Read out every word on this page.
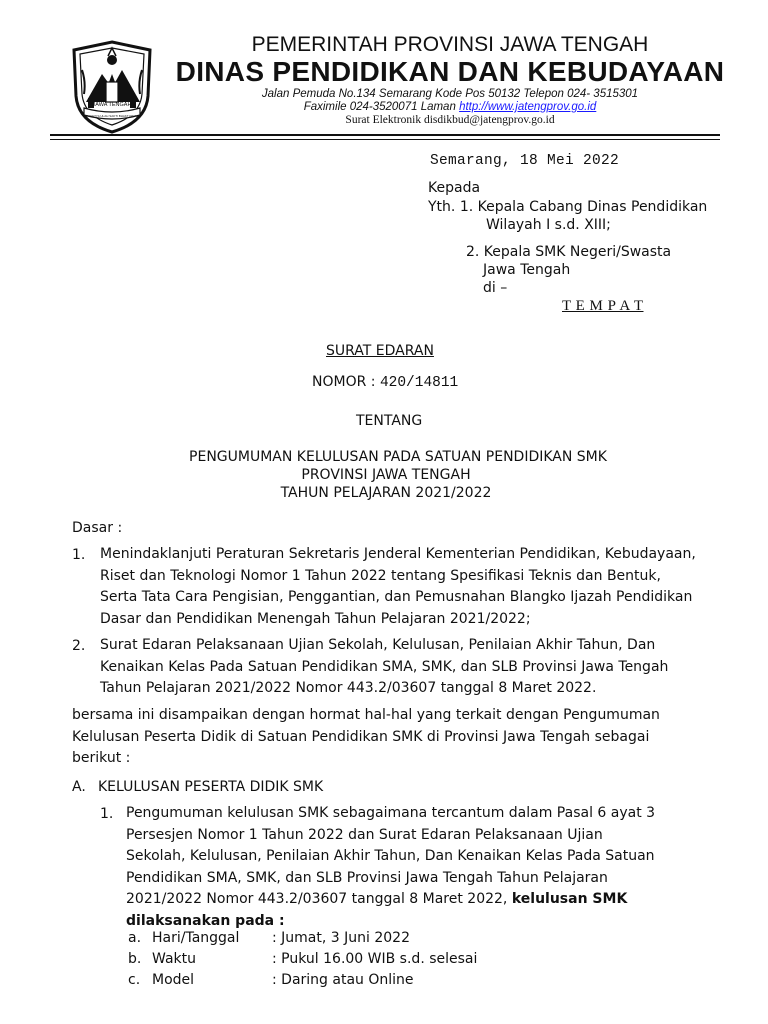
JAWA TENGAH
PRASETYA ULAH SAKTI BHAKTI PRAJA
PEMERINTAH PROVINSI JAWA TENGAH
DINAS PENDIDIKAN DAN KEBUDAYAAN
Jalan Pemuda No.134 Semarang Kode Pos 50132 Telepon 024- 3515301
Faximile 024-3520071 Laman http://www.jatengprov.go.id
Surat Elektronik disdikbud@jatengprov.go.id
Semarang, 18 Mei 2022
Kepada
Yth. 1. Kepala Cabang Dinas Pendidikan
Wilayah I s.d. XIII;
2. Kepala SMK Negeri/Swasta
Jawa Tengah
di –
T E M P A T
SURAT EDARAN
NOMOR : 420/14811
TENTANG
PENGUMUMAN KELULUSAN PADA SATUAN PENDIDIKAN SMK
PROVINSI JAWA TENGAH
TAHUN PELAJARAN 2021/2022
Dasar :
1. Menindaklanjuti Peraturan Sekretaris Jenderal Kementerian Pendidikan, Kebudayaan,
Riset dan Teknologi Nomor 1 Tahun 2022 tentang Spesifikasi Teknis dan Bentuk,
Serta Tata Cara Pengisian, Penggantian, dan Pemusnahan Blangko Ijazah Pendidikan
Dasar dan Pendidikan Menengah Tahun Pelajaran 2021/2022;
2. Surat Edaran Pelaksanaan Ujian Sekolah, Kelulusan, Penilaian Akhir Tahun, Dan
Kenaikan Kelas Pada Satuan Pendidikan SMA, SMK, dan SLB Provinsi Jawa Tengah
Tahun Pelajaran 2021/2022 Nomor 443.2/03607 tanggal 8 Maret 2022.
bersama ini disampaikan dengan hormat hal-hal yang terkait dengan Pengumuman
Kelulusan Peserta Didik di Satuan Pendidikan SMK di Provinsi Jawa Tengah sebagai
berikut :
A. KELULUSAN PESERTA DIDIK SMK
1. Pengumuman kelulusan SMK sebagaimana tercantum dalam Pasal 6 ayat 3
Persesjen Nomor 1 Tahun 2022 dan Surat Edaran Pelaksanaan Ujian
Sekolah, Kelulusan, Penilaian Akhir Tahun, Dan Kenaikan Kelas Pada Satuan
Pendidikan SMA, SMK, dan SLB Provinsi Jawa Tengah Tahun Pelajaran
2021/2022 Nomor 443.2/03607 tanggal 8 Maret 2022, kelulusan SMK
dilaksanakan pada :
a. Hari/Tanggal : Jumat, 3 Juni 2022
b. Waktu	: Pukul 16.00 WIB s.d. selesai
c. Model	: Daring atau Online
